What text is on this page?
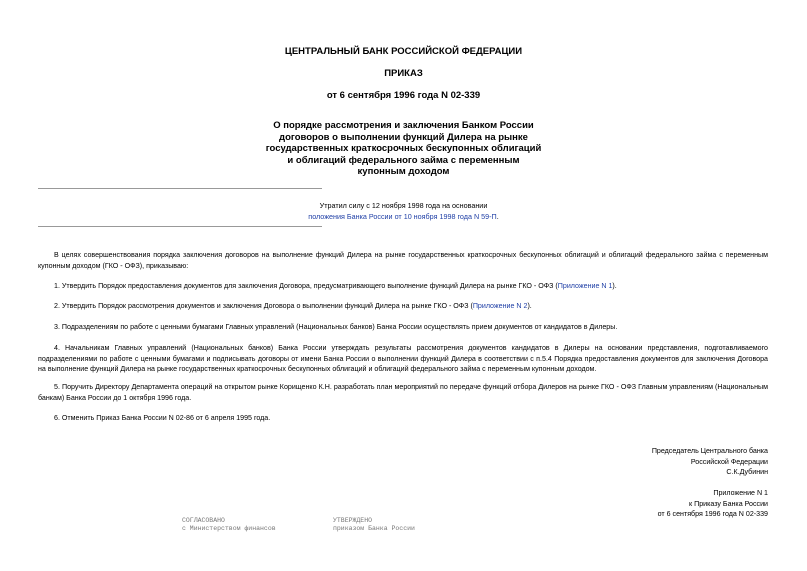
ЦЕНТРАЛЬНЫЙ БАНК РОССИЙСКОЙ ФЕДЕРАЦИИ
ПРИКАЗ
от 6 сентября 1996 года N 02-339
О порядке рассмотрения и заключения Банком России
договоров о выполнении функций Дилера на рынке
государственных краткосрочных бескупонных облигаций
и облигаций федерального займа с переменным
купонным доходом
Утратил силу с 12 ноября 1998 года на основании
положения Банка России от 10 ноября 1998 года N 59-П.

В целях совершенствования порядка заключения договоров на выполнение функций Дилера на рынке государственных краткосрочных бескупонных облигаций и облигаций федерального займа с переменным купонным доходом (ГКО - ОФЗ), приказываю:

1. Утвердить Порядок предоставления документов для заключения Договора, предусматривающего выполнение функций Дилера на рынке ГКО - ОФЗ (Приложение N 1).

2. Утвердить Порядок рассмотрения документов и заключения Договора о выполнении функций Дилера на рынке ГКО - ОФЗ (Приложение N 2).

3. Подразделениям по работе с ценными бумагами Главных управлений (Национальных банков) Банка России осуществлять прием документов от кандидатов в Дилеры.

4. Начальникам Главных управлений (Национальных банков) Банка России утверждать результаты рассмотрения документов кандидатов в Дилеры на основании представления, подготавливаемого подразделениями по работе с ценными бумагами и подписывать договоры от имени Банка России о выполнении функций Дилера в соответствии с п.5.4 Порядка предоставления документов для заключения Договора на выполнение функций Дилера на рынке государственных краткосрочных бескупонных облигаций и облигаций федерального займа с переменным купонным доходом.

5. Поручить Директору Департамента операций на открытом рынке Корищенко К.Н. разработать план мероприятий по передаче функций отбора Дилеров на рынке ГКО - ОФЗ Главным управлениям (Национальным банкам) Банка России до 1 октября 1996 года.

6. Отменить Приказ Банка России N 02-86 от 6 апреля 1995 года.

Председатель Центрального банка
Российской Федерации
С.К.Дубинин
Приложение N 1
к Приказу Банка России
от 6 сентября 1996 года N 02-339
СОГЛАСОВАНО
с Министерством финансов
УТВЕРЖДЕНО
приказом Банка России
